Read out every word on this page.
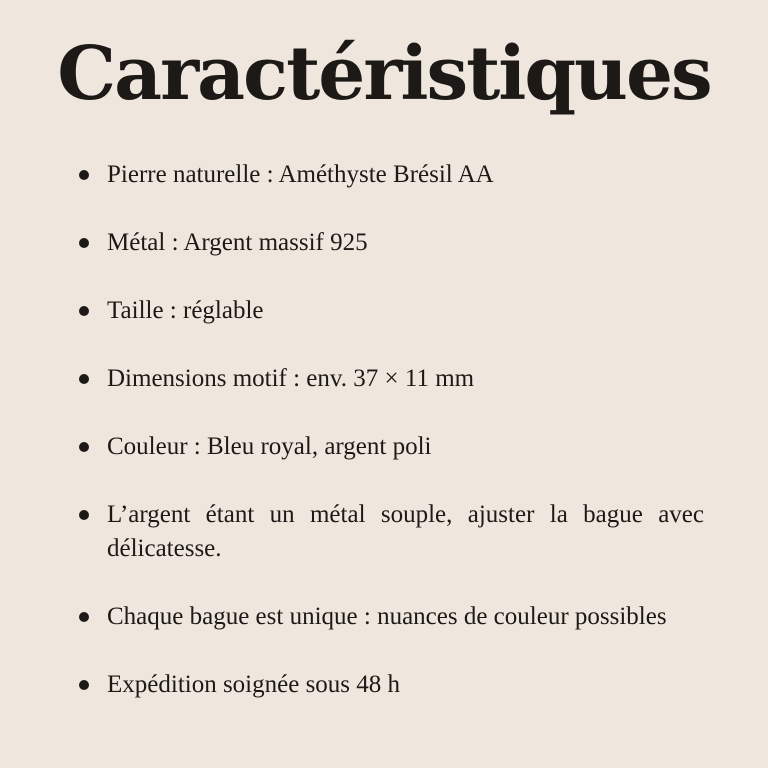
Caractéristiques
Pierre naturelle : Améthyste Brésil AA
Métal : Argent massif 925
Taille : réglable
Dimensions motif : env. 37 × 11 mm
Couleur : Bleu royal, argent poli
L’argent étant un métal souple, ajuster la bague avec délicatesse.
Chaque bague est unique : nuances de couleur possibles
Expédition soignée sous 48 h
